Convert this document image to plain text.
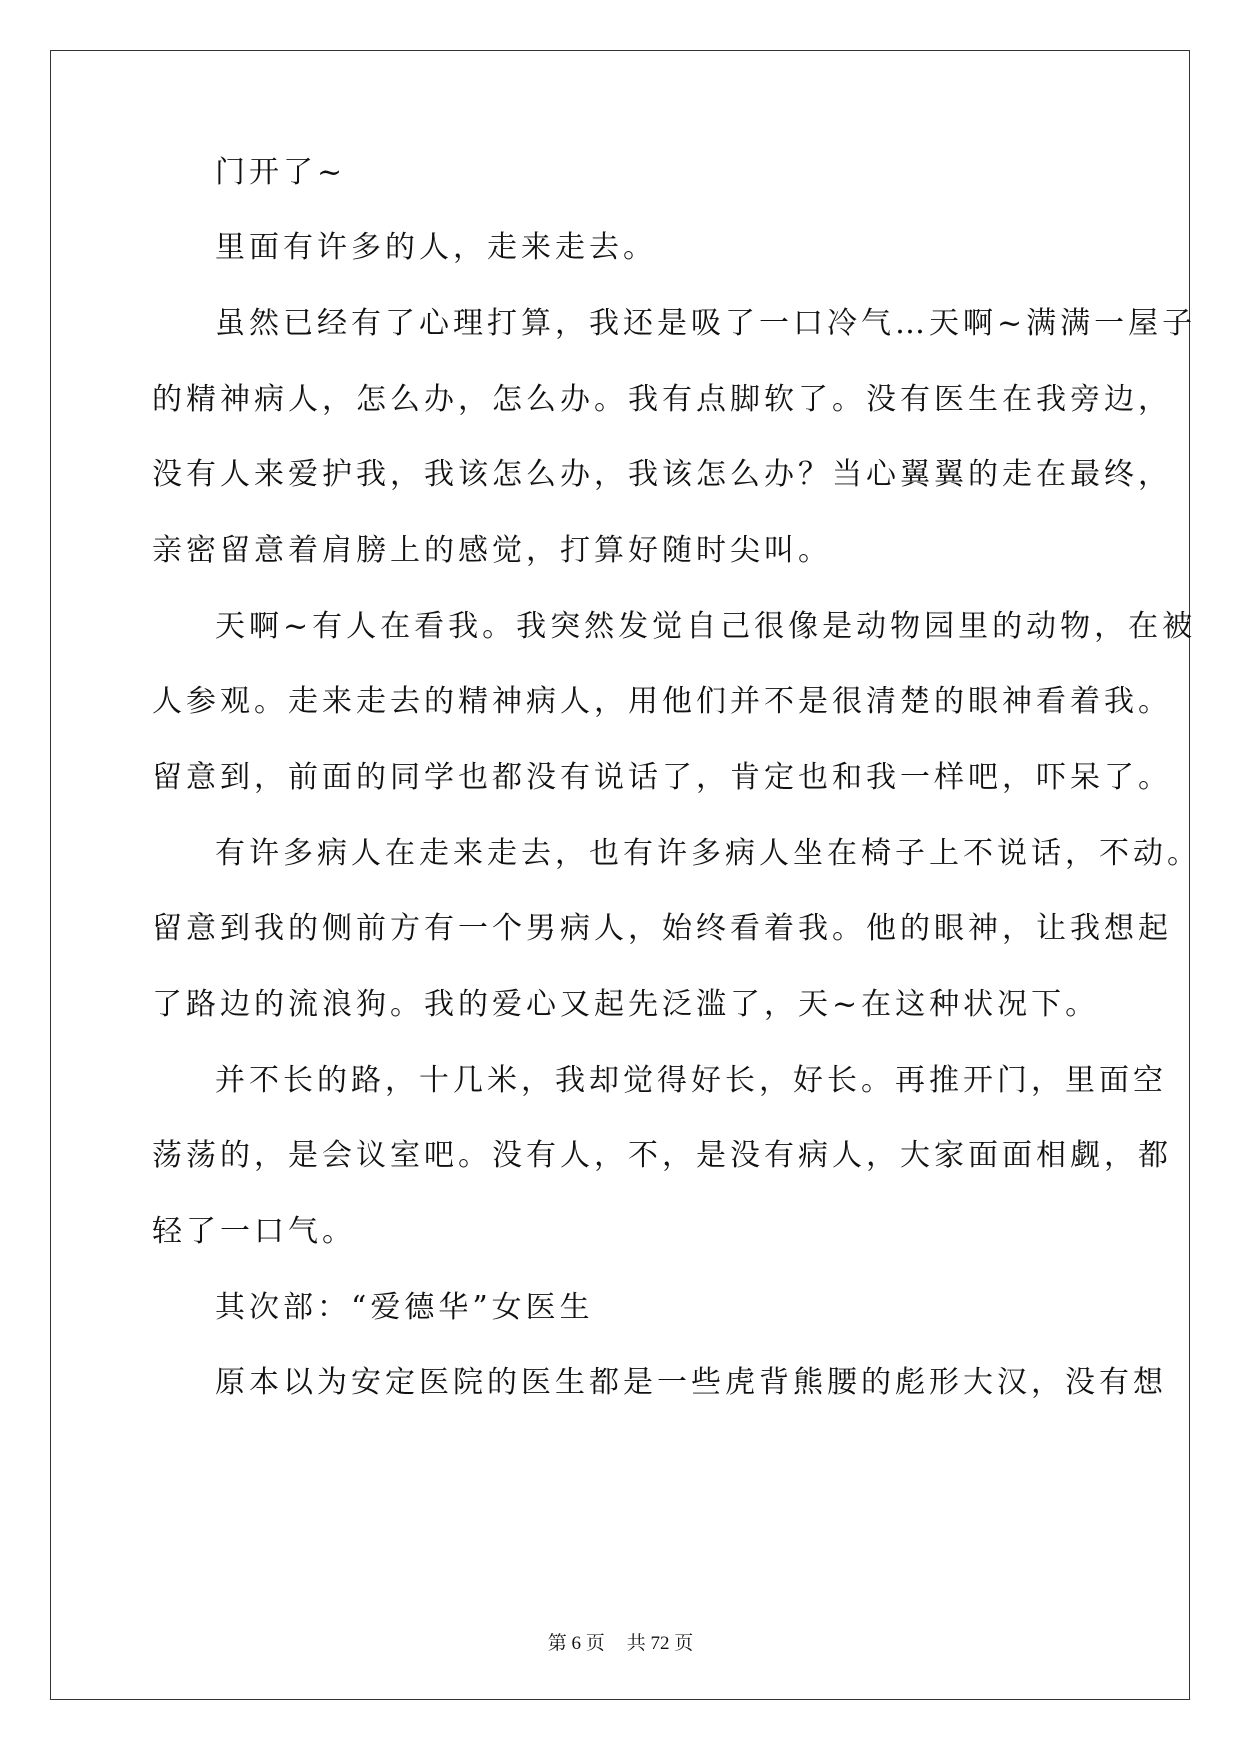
门开了~
里面有许多的人，走来走去。
虽然已经有了心理打算，我还是吸了一口冷气…天啊~满满一屋子
的精神病人，怎么办，怎么办。我有点脚软了。没有医生在我旁边，
没有人来爱护我，我该怎么办，我该怎么办？当心翼翼的走在最终，
亲密留意着肩膀上的感觉，打算好随时尖叫。
天啊~有人在看我。我突然发觉自己很像是动物园里的动物，在被
人参观。走来走去的精神病人，用他们并不是很清楚的眼神看着我。
留意到，前面的同学也都没有说话了，肯定也和我一样吧，吓呆了。
有许多病人在走来走去，也有许多病人坐在椅子上不说话，不动。
留意到我的侧前方有一个男病人，始终看着我。他的眼神，让我想起
了路边的流浪狗。我的爱心又起先泛滥了，天~在这种状况下。
并不长的路，十几米，我却觉得好长，好长。再推开门，里面空
荡荡的，是会议室吧。没有人，不，是没有病人，大家面面相觑，都
轻了一口气。
其次部：“爱德华”女医生
原本以为安定医院的医生都是一些虎背熊腰的彪形大汉，没有想
第 6 页 共 72 页
